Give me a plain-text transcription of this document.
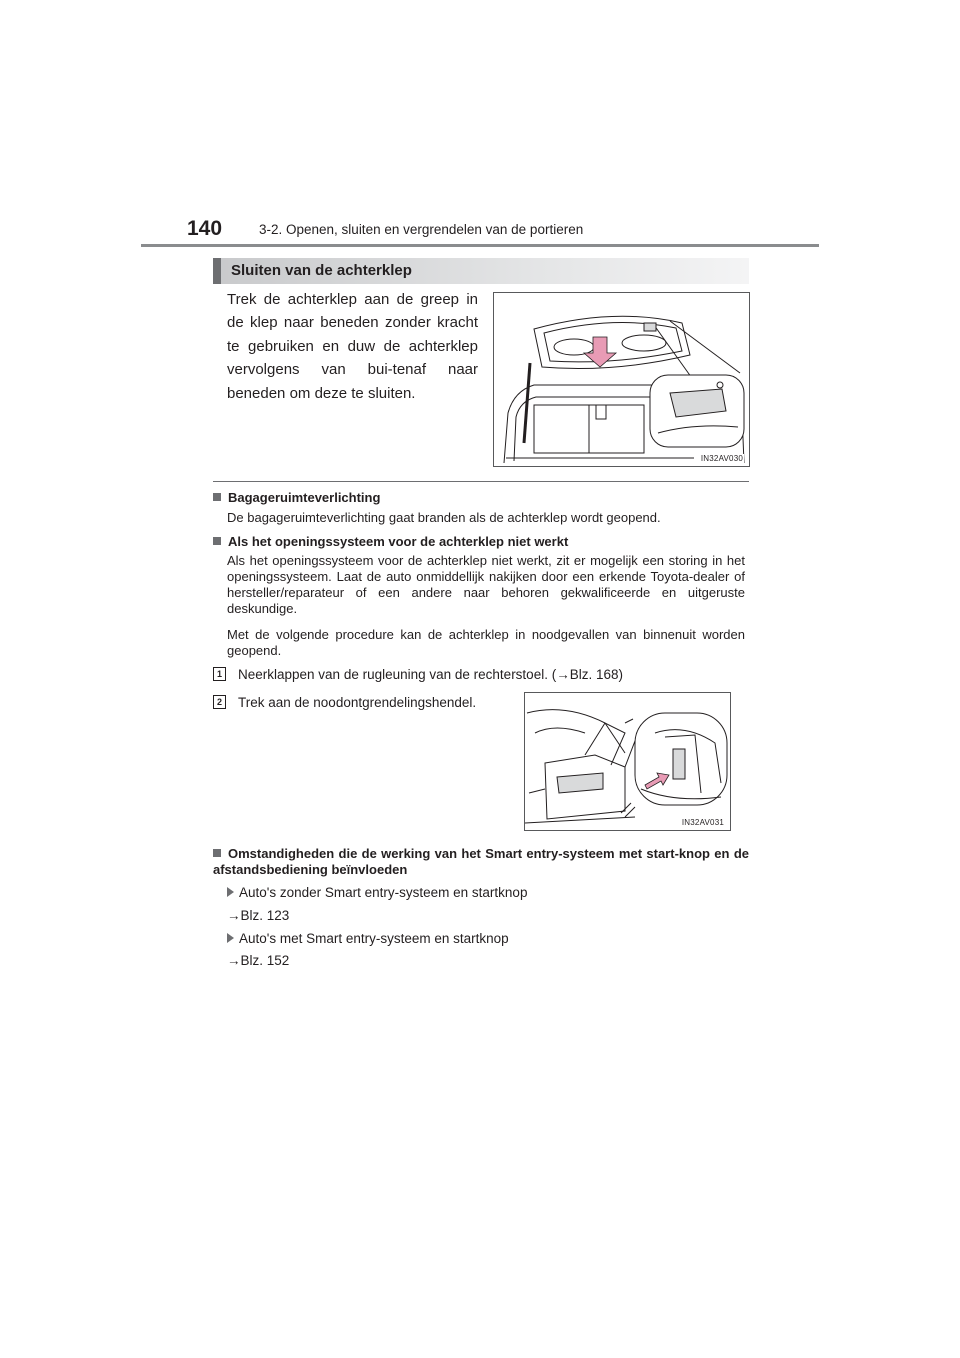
140	3-2. Openen, sluiten en vergrendelen van de portieren
Sluiten van de achterklep
Trek de achterklep aan de greep in de klep naar beneden zonder kracht te gebruiken en duw de achterklep vervolgens van bui-tenaf naar beneden om deze te sluiten.
IN32AV030
Bagageruimteverlichting
De bagageruimteverlichting gaat branden als de achterklep wordt geopend.
Als het openingssysteem voor de achterklep niet werkt
Als het openingssysteem voor de achterklep niet werkt, zit er mogelijk een storing in het openingssysteem. Laat de auto onmiddellijk nakijken door een erkende Toyota-dealer of hersteller/reparateur of een andere naar behoren gekwalificeerde en uitgeruste deskundige.
Met de volgende procedure kan de achterklep in noodgevallen van binnenuit worden geopend.
1 Neerklappen van de rugleuning van de rechterstoel. (→Blz. 168)
2 Trek aan de noodontgrendelingshendel.
IN32AV031
Omstandigheden die de werking van het Smart entry-systeem met start-knop en de afstandsbediening beïnvloeden
Auto's zonder Smart entry-systeem en startknop
→Blz. 123
Auto's met Smart entry-systeem en startknop
→Blz. 152
